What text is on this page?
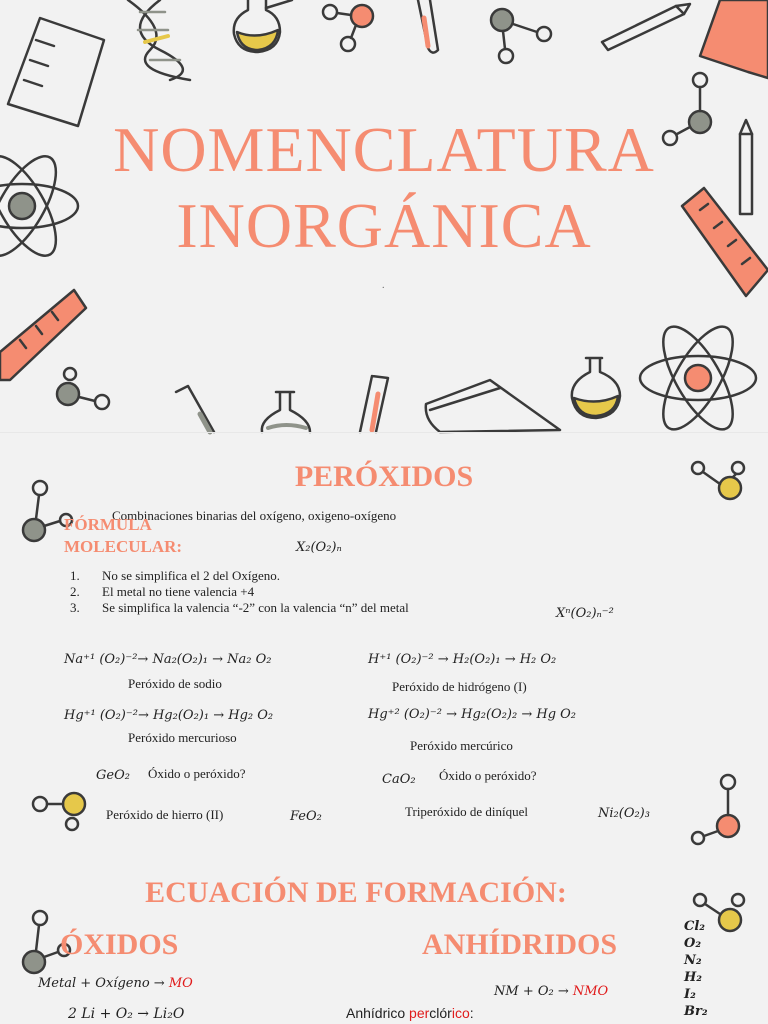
NOMENCLATURA
INORGÁNICA
.
PERÓXIDOS
Combinaciones binarias del oxígeno, oxigeno-oxígeno
FÓRMULA
MOLECULAR:	X₂(O₂)ₙ
1. No se simplifica el 2 del Oxígeno.
2. El metal no tiene valencia +4
3. Se simplifica la valencia “-2” con la valencia “n” del metal	Xⁿ(O₂)ₙ⁻²
Na⁺¹ (O₂)⁻²→ Na₂(O₂)₁ → Na₂ O₂
Peróxido de sodio
H⁺¹ (O₂)⁻² → H₂(O₂)₁ → H₂ O₂
Peróxido de hidrógeno (I)
Hg⁺¹ (O₂)⁻²→ Hg₂(O₂)₁ → Hg₂ O₂
Peróxido mercurioso
Hg⁺² (O₂)⁻² → Hg₂(O₂)₂ → Hg O₂
Peróxido mercúrico
GeO₂ Óxido o peróxido?	CaO₂ Óxido o peróxido?
Peróxido de hierro (II)	FeO₂	Triperóxido de diníquel	Ni₂(O₂)₃
ECUACIÓN DE FORMACIÓN:
ÓXIDOS	ANHÍDRIDOS
Metal + Oxígeno → MO
2 Li + O₂ → Li₂O
NM + O₂ → NMO
Anhídrico perclórico:
Cl₂
O₂
N₂
H₂
I₂
Br₂
